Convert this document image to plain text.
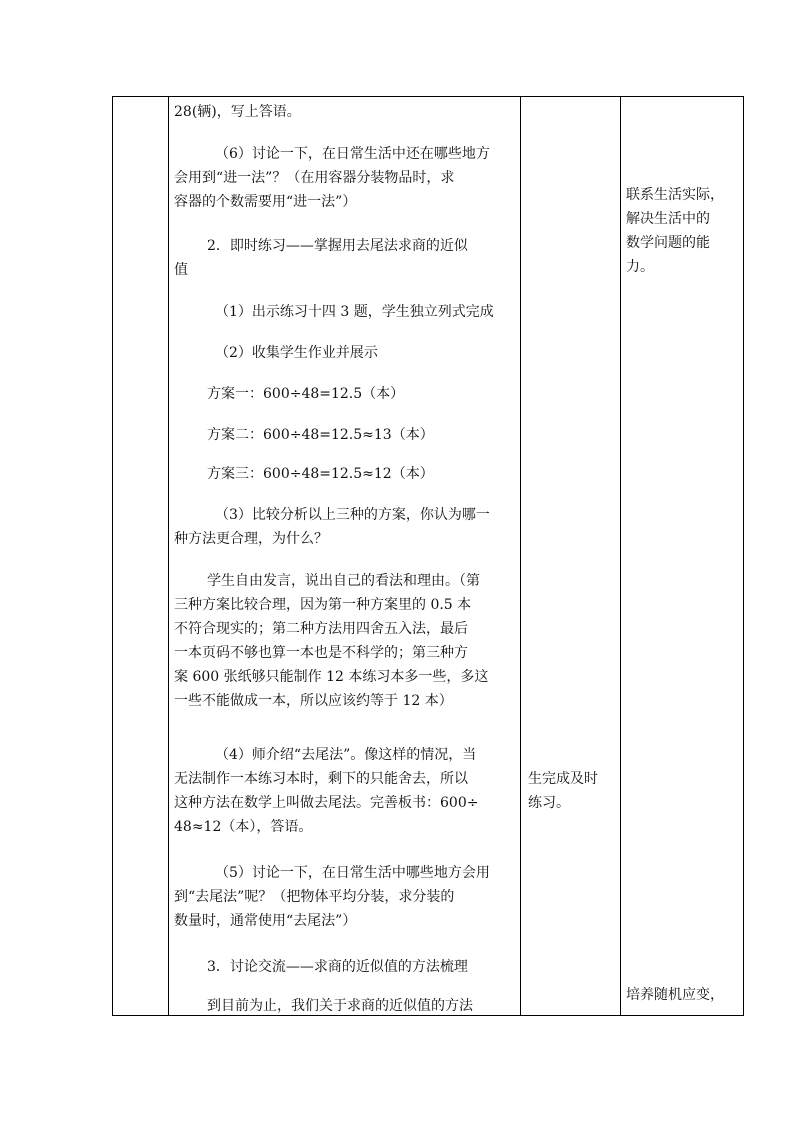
28(辆)，写上答语。

（6）讨论一下，在日常生活中还在哪些地方
会用到“进一法”？（在用容器分装物品时，求
容器的个数需要用“进一法”）
2．即时练习——掌握用去尾法求商的近似
值

（1）出示练习十四 3 题，学生独立列式完成

（2）收集学生作业并展示

方案一：600÷48=12.5（本）

方案二：600÷48=12.5≈13（本）

方案三：600÷48=12.5≈12（本）

（3）比较分析以上三种的方案，你认为哪一
种方法更合理，为什么？
学生自由发言，说出自己的看法和理由。（第
三种方案比较合理，因为第一种方案里的 0.5 本
不符合现实的；第二种方法用四舍五入法，最后
一本页码不够也算一本也是不科学的；第三种方
案 600 张纸够只能制作 12 本练习本多一些，多这
一些不能做成一本，所以应该约等于 12 本）
（4）师介绍“去尾法”。像这样的情况，当
无法制作一本练习本时，剩下的只能舍去，所以
这种方法在数学上叫做去尾法。完善板书：600÷
48≈12（本），答语。
（5）讨论一下，在日常生活中哪些地方会用
到“去尾法”呢？（把物体平均分装，求分装的
数量时，通常使用“去尾法”）

3．讨论交流——求商的近似值的方法梳理

到目前为止，我们关于求商的近似值的方法

生完成及时
练习。
联系生活实际，
解决生活中的
数学问题的能
力。

培养随机应变，
